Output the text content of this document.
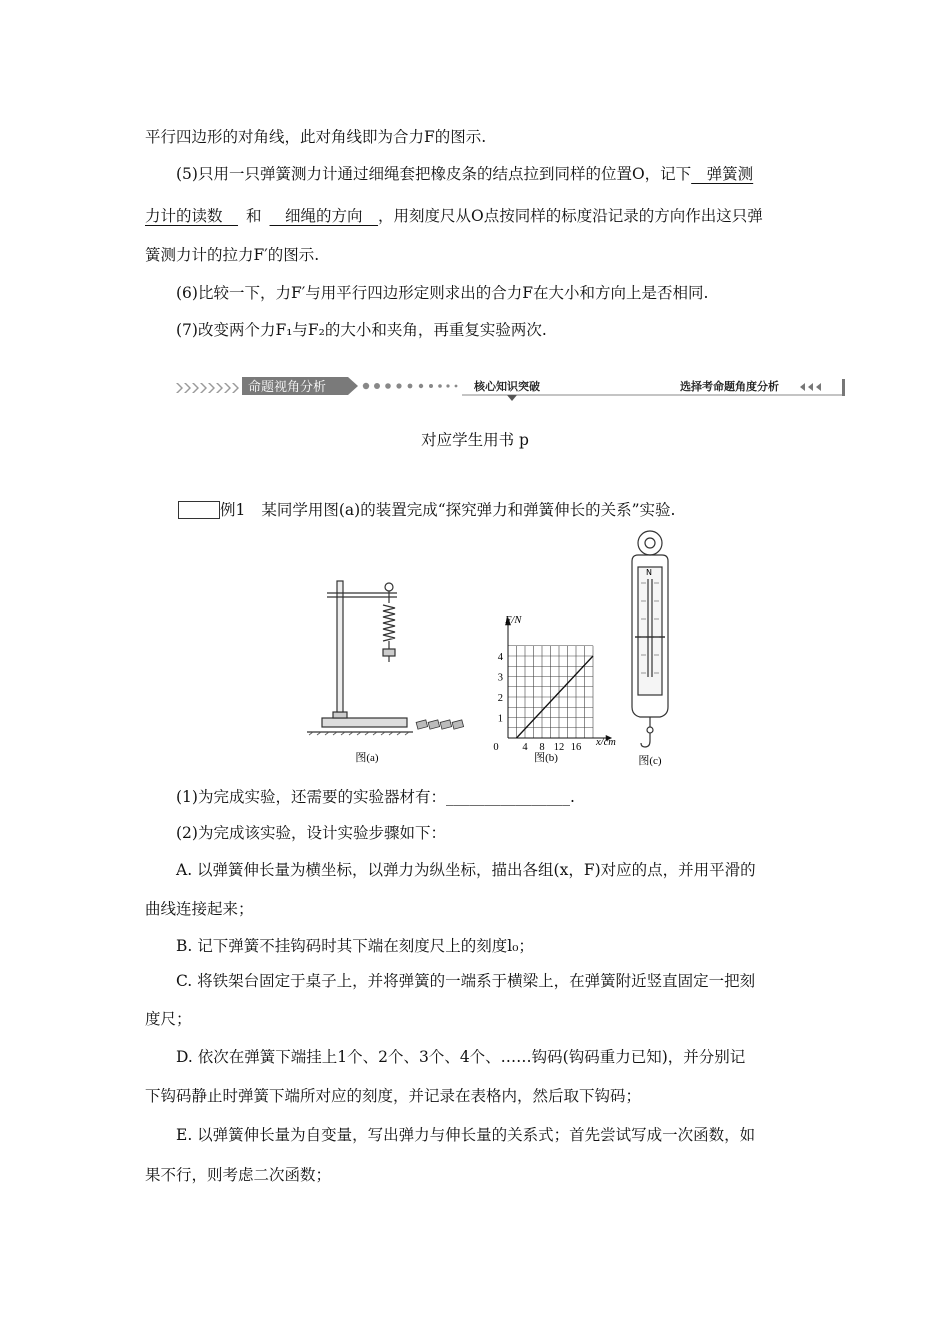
平行四边形的对角线，此对角线即为合力F的图示.
(5)只用一只弹簧测力计通过细绳套把橡皮条的结点拉到同样的位置O，记下　弹簧测
力计的读数　和　细绳的方向　，用刻度尺从O点按同样的标度沿记录的方向作出这只弹
簧测力计的拉力F′的图示.
(6)比较一下，力F′与用平行四边形定则求出的合力F在大小和方向上是否相同.
(7)改变两个力F₁与F₂的大小和夹角，再重复实验两次.
命题视角分析	核心知识突破	选择考命题角度分析
对应学生用书 p
例1 某同学用图(a)的装置完成“探究弹力和弹簧伸长的关系”实验.
图(a)
0 4 8 12 16
1
2
3
4
F/N
x/cm
图(b)
N
图(c)
(1)为完成实验，还需要的实验器材有：________________.
(2)为完成该实验，设计实验步骤如下：
A. 以弹簧伸长量为横坐标，以弹力为纵坐标，描出各组(x，F)对应的点，并用平滑的
曲线连接起来；
B. 记下弹簧不挂钩码时其下端在刻度尺上的刻度l₀；
C. 将铁架台固定于桌子上，并将弹簧的一端系于横梁上，在弹簧附近竖直固定一把刻
度尺；
D. 依次在弹簧下端挂上1个、2个、3个、4个、……钩码(钩码重力已知)，并分别记
下钩码静止时弹簧下端所对应的刻度，并记录在表格内，然后取下钩码；
E. 以弹簧伸长量为自变量，写出弹力与伸长量的关系式；首先尝试写成一次函数，如
果不行，则考虑二次函数；
